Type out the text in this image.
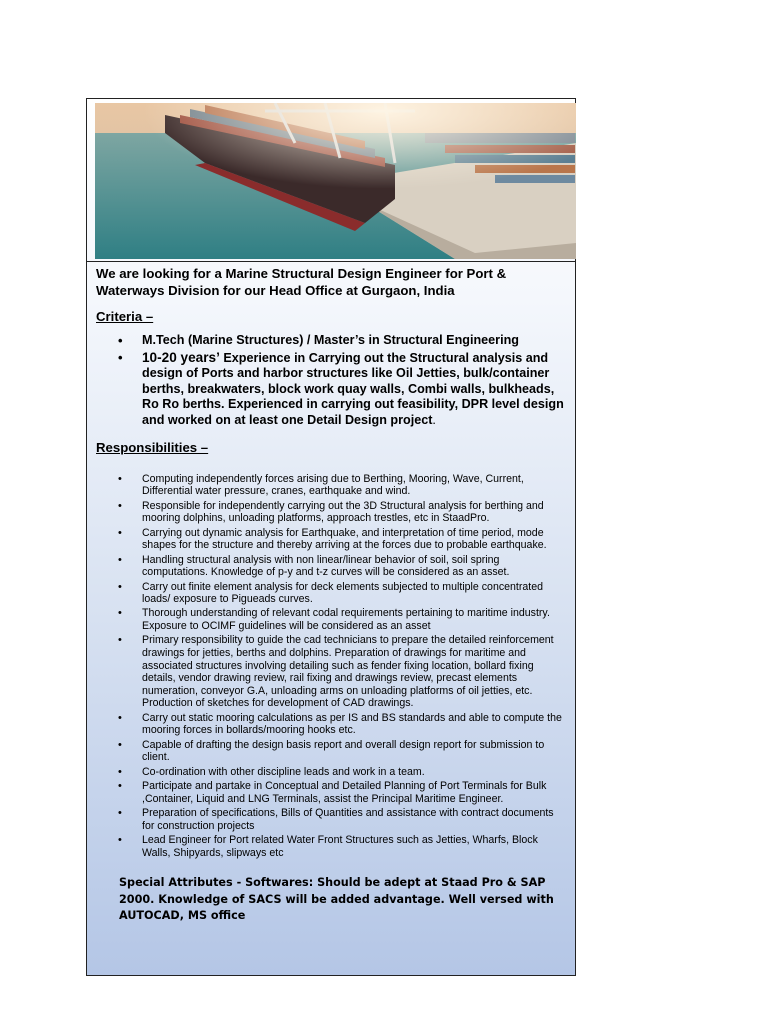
We are looking for a Marine Structural Design Engineer for Port & Waterways Division for our Head Office at Gurgaon, India

Criteria –
• M.Tech (Marine Structures) / Master’s in Structural Engineering
• 10-20 years’ Experience in Carrying out the Structural analysis and design of Ports and harbor structures like Oil Jetties, bulk/container berths, breakwaters, block work quay walls, Combi walls, bulkheads, Ro Ro berths. Experienced in carrying out feasibility, DPR level design and worked on at least one Detail Design project.
Responsibilities –
• Computing independently forces arising due to Berthing, Mooring, Wave, Current, Differential water pressure, cranes, earthquake and wind.
• Responsible for independently carrying out the 3D Structural analysis for berthing and mooring dolphins, unloading platforms, approach trestles, etc in StaadPro.
• Carrying out dynamic analysis for Earthquake, and interpretation of time period, mode shapes for the structure and thereby arriving at the forces due to probable earthquake.
• Handling structural analysis with non linear/linear behavior of soil, soil spring computations. Knowledge of p-y and t-z curves will be considered as an asset.
• Carry out finite element analysis for deck elements subjected to multiple concentrated loads/ exposure to Pigueads curves.
• Thorough understanding of relevant codal requirements pertaining to maritime industry. Exposure to OCIMF guidelines will be considered as an asset
• Primary responsibility to guide the cad technicians to prepare the detailed reinforcement drawings for jetties, berths and dolphins. Preparation of drawings for maritime and associated structures involving detailing such as fender fixing location, bollard fixing details, vendor drawing review, rail fixing and drawings review, precast elements numeration, conveyor G.A, unloading arms on unloading platforms of oil jetties, etc. Production of sketches for development of CAD drawings.
• Carry out static mooring calculations as per IS and BS standards and able to compute the mooring forces in bollards/mooring hooks etc.
• Capable of drafting the design basis report and overall design report for submission to client.
• Co-ordination with other discipline leads and work in a team.
• Participate and partake in Conceptual and Detailed Planning of Port Terminals for Bulk ,Container, Liquid and LNG Terminals, assist the Principal Maritime Engineer.
• Preparation of specifications, Bills of Quantities and assistance with contract documents for construction projects
• Lead Engineer for Port related Water Front Structures such as Jetties, Wharfs, Block Walls, Shipyards, slipways etc
Special Attributes - Softwares: Should be adept at Staad Pro & SAP 2000. Knowledge of SACS will be added advantage. Well versed with AUTOCAD, MS office
